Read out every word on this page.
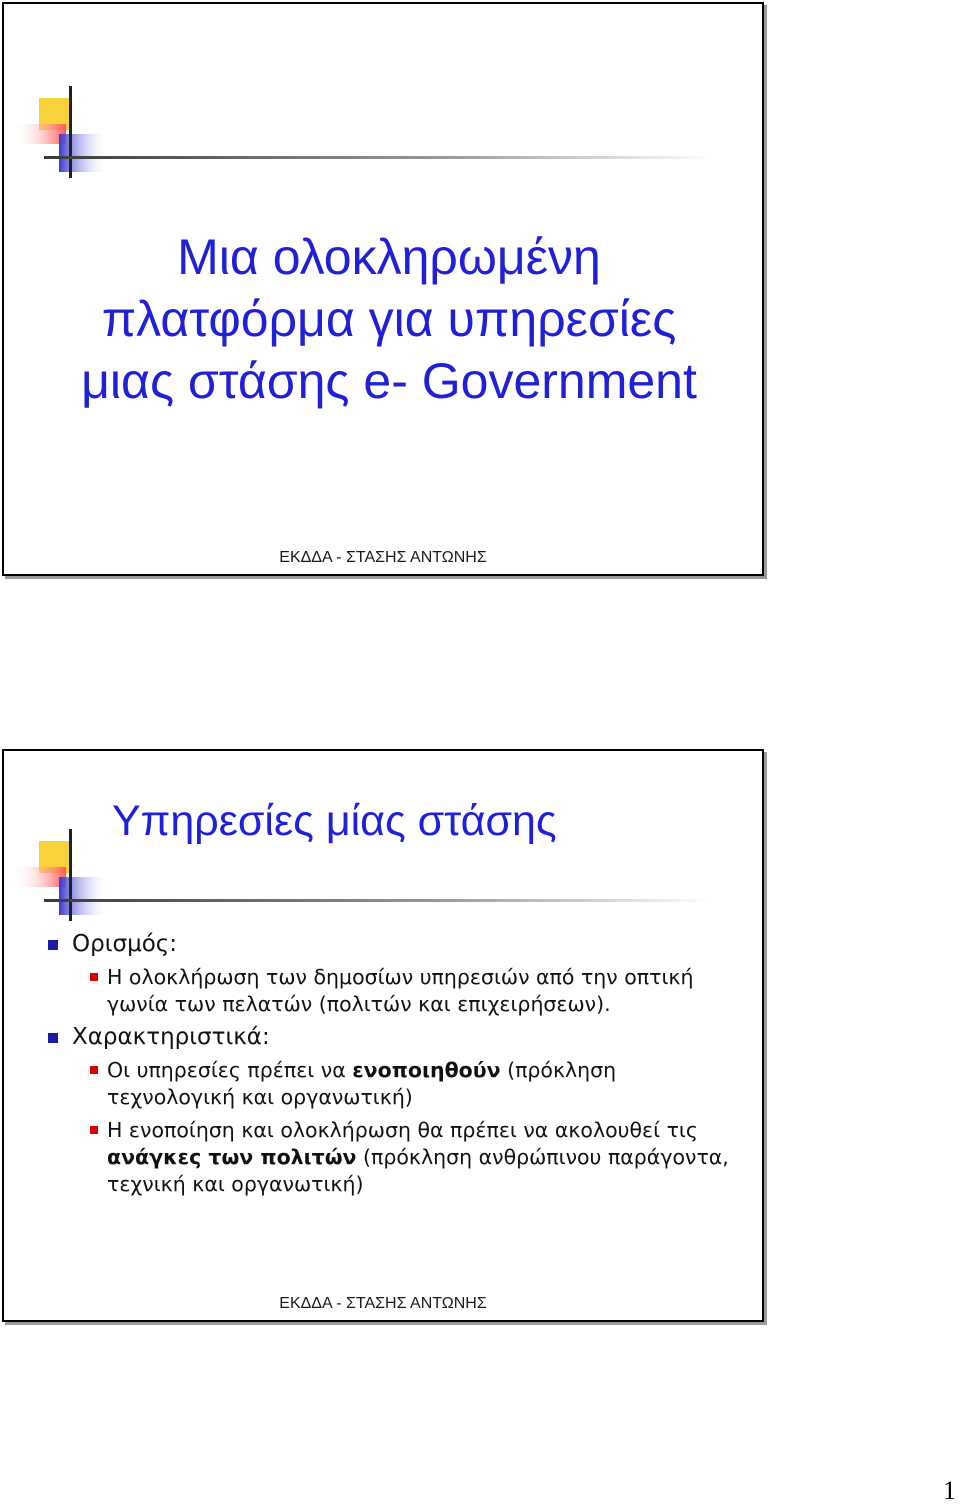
Μια ολοκληρωμένη
πλατφόρμα για υπηρεσίες
μιας στάσης e- Government
ΕΚΔΔΑ - ΣΤΑΣΗΣ ΑΝΤΩΝΗΣ
Υπηρεσίες μίας στάσης
Ορισμός:
Η ολοκλήρωση των δημοσίων υπηρεσιών από την οπτική γωνία των πελατών (πολιτών και επιχειρήσεων).
Χαρακτηριστικά:
Οι υπηρεσίες πρέπει να ενοποιηθούν (πρόκληση τεχνολογική και οργανωτική)
Η ενοποίηση και ολοκλήρωση θα πρέπει να ακολουθεί τις ανάγκες των πολιτών (πρόκληση ανθρώπινου παράγοντα, τεχνική και οργανωτική)
ΕΚΔΔΑ - ΣΤΑΣΗΣ ΑΝΤΩΝΗΣ
1
